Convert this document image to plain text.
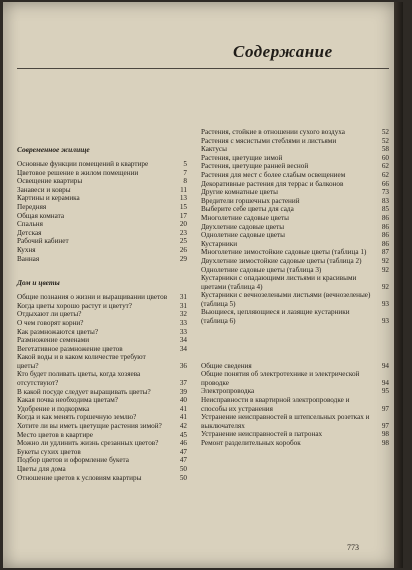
Содержание
Современное жилище
Основные функции помещений в квартире	5
Цветовое решение в жилом помещении	7
Освещение квартиры	8
Занавеси и ковры	11
Картины и керамика	13
Передняя	15
Общая комната	17
Спальня	20
Детская	23
Рабочий кабинет	25
Кухня	26
Ванная	29
Дом и цветы
Общие познания о жизни и выращивании цветов	31
Когда цветы хорошо растут и цветут?	31
Отдыхают ли цветы?	32
О чем говорят корни?	33
Как размножаются цветы?	33
Размножение семенами	34
Вегетативное размножение цветов	34
Какой воды и в каком количестве требуют цветы?	36
Кто будет поливать цветы, когда хозяева отсутствуют?	37
В какой посуде следует выращивать цветы?	39
Какая почва необходима цветам?	40
Удобрение и подкормка	41
Когда и как менять горшечную землю?	41
Хотите ли вы иметь цветущие растения зимой?	42
Место цветов в квартире	45
Можно ли удлинить жизнь срезанных цветов?	46
Букеты сухих цветов	47
Подбор цветов и оформление букета	47
Цветы для дома	50
Отношение цветов к условиям квартиры	50
Растения, стойкие в отношении сухого воздуха	52
Растения с мясистыми стеблями и листьями	52
Кактусы	58
Растения, цветущие зимой	60
Растения, цветущие ранней весной	62
Растения для мест с более слабым освещением	62
Декоративные растения для террас и балконов	66
Другие комнатные цветы	73
Вредители горшечных растений	83
Выберите себе цветы для сада	85
Многолетние садовые цветы	86
Двухлетние садовые цветы	86
Однолетние садовые цветы	86
Кустарники	86
Многолетние зимостойкие садовые цветы (таблица 1)	87
Двухлетние зимостойкие садовые цветы (таблица 2)	92
Однолетние садовые цветы (таблица 3)	92
Кустарники с опадающими листьями и красивыми цветами (таблица 4)	92
Кустарники с вечнозелеными листьями (вечнозеленые) (таблица 5)	93
Вьющиеся, цепляющиеся и лазящие кустарники (таблица 6)	93
Общие сведения	94
Общие понятия об электротехнике и электрической проводке	94
Электропроводка	95
Неисправности в квартирной электропроводке и способы их устранения	97
Устранение неисправностей в штепсельных розетках и выключателях	97
Устранение неисправностей в патронах	98
Ремонт разделительных коробок	98
773
